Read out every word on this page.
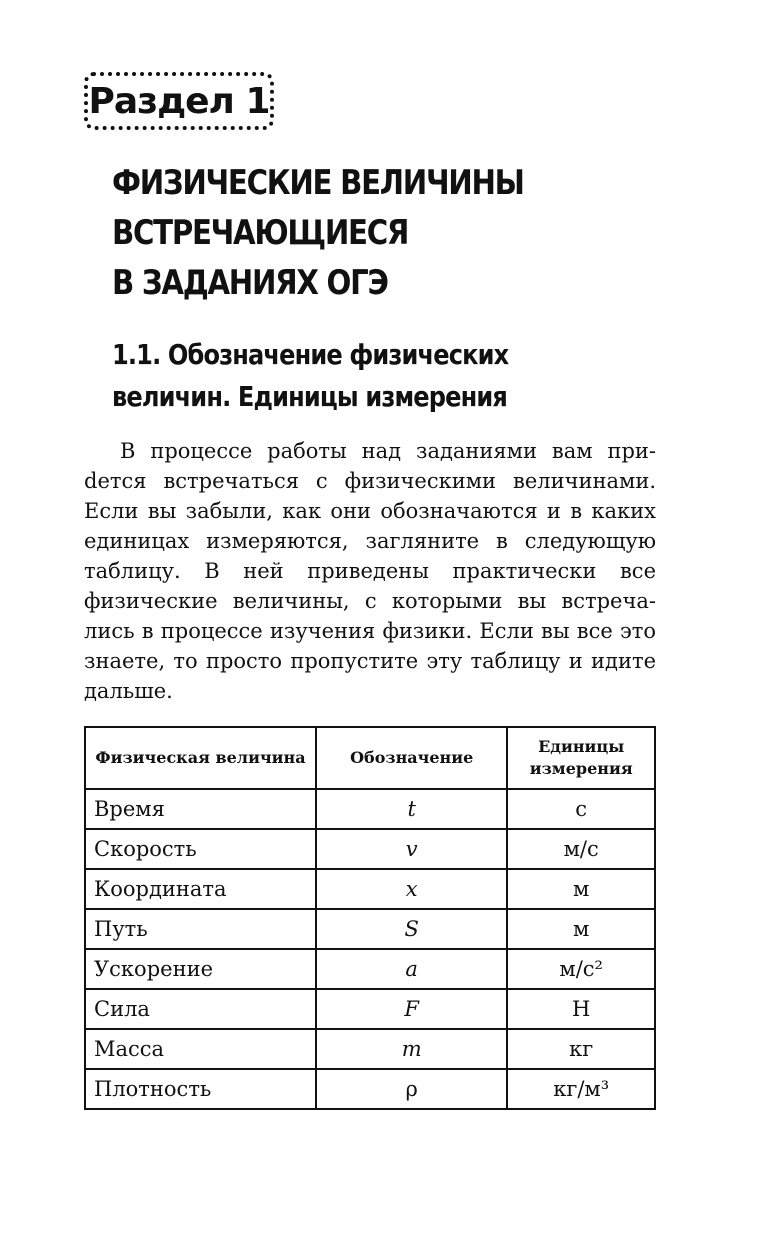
Раздел 1
ФИЗИЧЕСКИЕ ВЕЛИЧИНЫ
ВСТРЕЧАЮЩИЕСЯ
В ЗАДАНИЯХ ОГЭ
1.1. Обозначение физических
величин. Единицы измерения

В процессе работы над заданиями вам приdется встречаться с физическими величинами. Если вы забыли, как они обозначаются и в каких единицах измеряются, загляните в следующую таблицу. В ней приведены практически все физические величины, с которыми вы встречались в процессе изучения физики. Если вы все это знаете, то просто пропустите эту таблицу и идите дальше.

Физическая величина	Обозначение	Единицы измерения
Время	t	с
Скорость	v	м/с
Координата	x	м
Путь	S	м
Ускорение	a	м/с²
Сила	F	Н
Масса	m	кг
Плотность	ρ	кг/м³
